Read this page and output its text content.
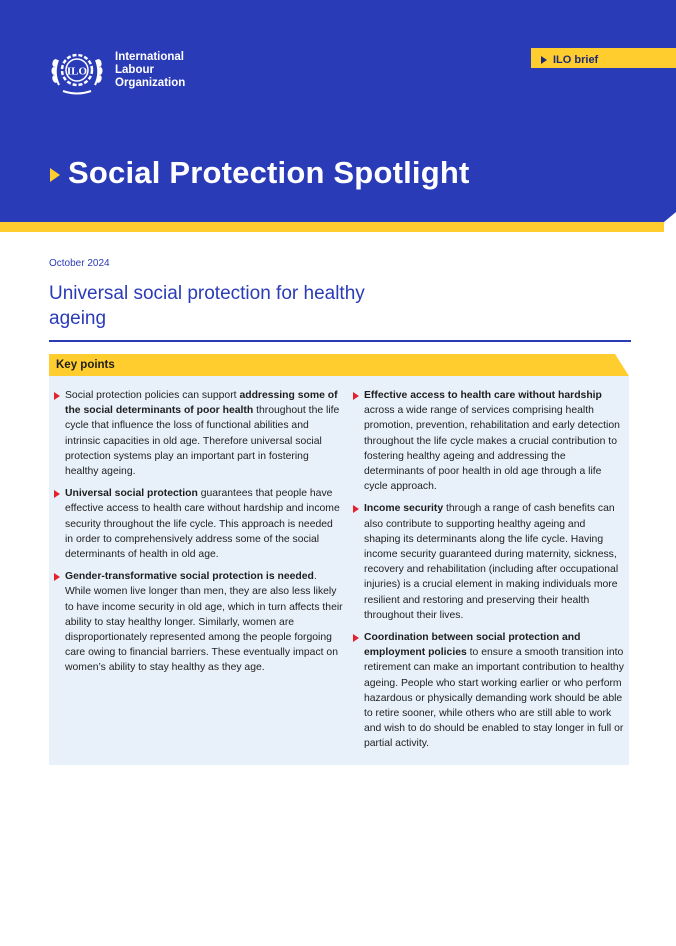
ILO
International
Labour
Organization
ILO brief
Social Protection Spotlight
October 2024
Universal social protection for healthy ageing
Key points
Social protection policies can support addressing some of the social determinants of poor health throughout the life cycle that influence the loss of functional abilities and intrinsic capacities in old age. Therefore universal social protection systems play an important part in fostering healthy ageing.
Universal social protection guarantees that people have effective access to health care without hardship and income security throughout the life cycle. This approach is needed in order to comprehensively address some of the social determinants of health in old age.
Gender-transformative social protection is needed. While women live longer than men, they are also less likely to have income security in old age, which in turn affects their ability to stay healthy longer. Similarly, women are disproportionately represented among the people forgoing care owing to financial barriers. These eventually impact on women’s ability to stay healthy as they age.
Effective access to health care without hardship across a wide range of services comprising health promotion, prevention, rehabilitation and early detection throughout the life cycle makes a crucial contribution to fostering healthy ageing and addressing the determinants of poor health in old age through a life cycle approach.
Income security through a range of cash benefits can also contribute to supporting healthy ageing and shaping its determinants along the life cycle. Having income security guaranteed during maternity, sickness, recovery and rehabilitation (including after occupational injuries) is a crucial element in making individuals more resilient and restoring and preserving their health throughout their lives.
Coordination between social protection and employment policies to ensure a smooth transition into retirement can make an important contribution to healthy ageing. People who start working earlier or who perform hazardous or physically demanding work should be able to retire sooner, while others who are still able to work and wish to do should be enabled to stay longer in full or partial activity.
